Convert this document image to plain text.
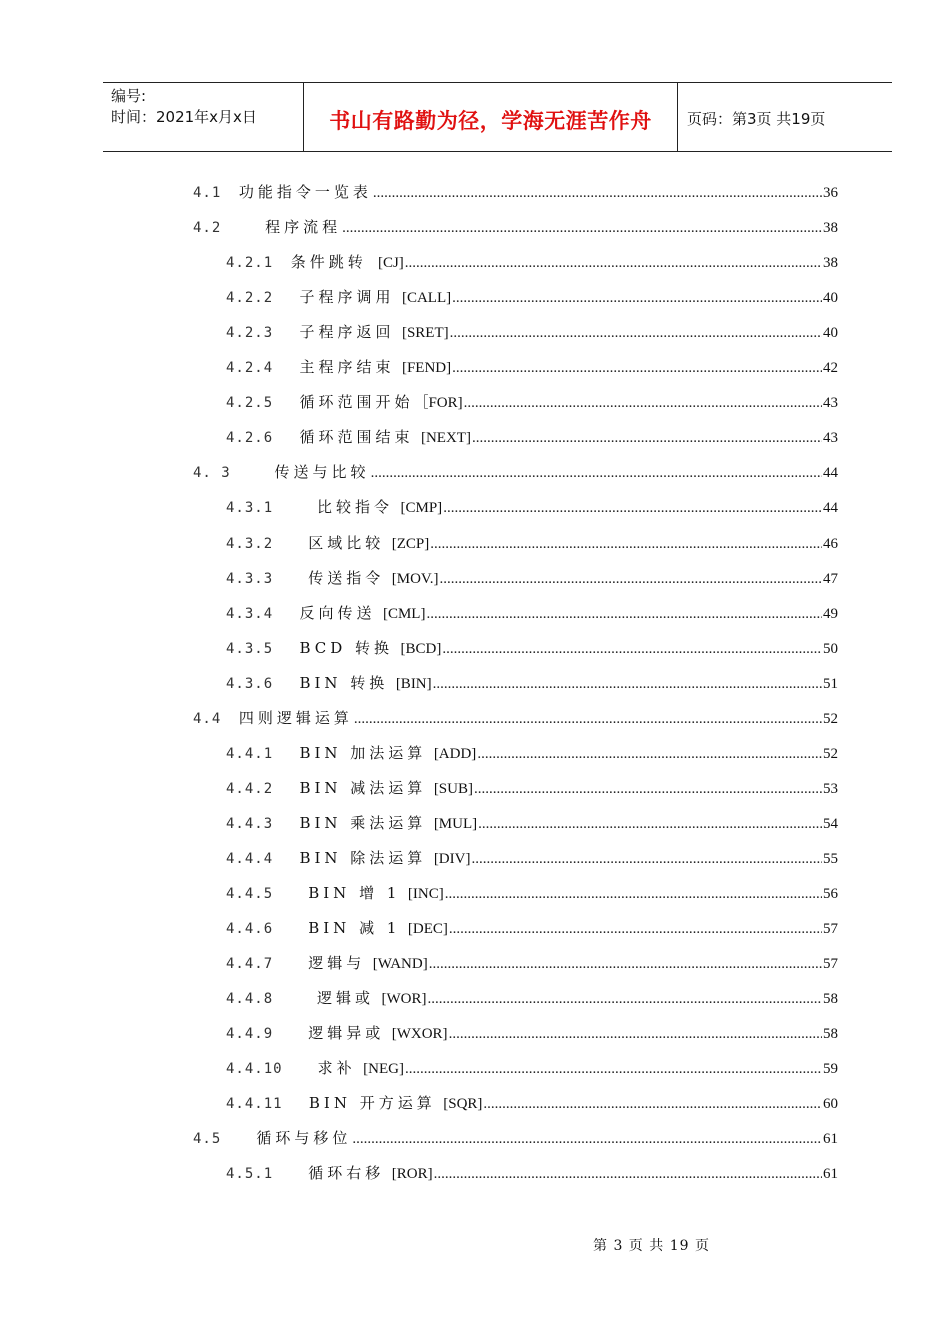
编号:
时间：2021年x月x日	书山有路勤为径，学海无涯苦作舟	页码：第3页 共19页
4.1 功能指令一览表 .....	36
4.2 程序流程 .....	38
4.2.1 条件跳转 [CJ] .....	38
4.2.2 子程序调用 [CALL] .....	40
4.2.3 子程序返回 [SRET] .....	40
4.2.4 主程序结束 [FEND] .....	42
4.2.5 循环范围开始 ［FOR] .....	43
4.2.6 循环范围结束 [NEXT] .....	43
4. 3 传送与比较 .....	44
4.3.1 比较指令 [CMP] .....	44
4.3.2 区域比较 [ZCP] .....	46
4.3.3 传送指令 [MOV.] .....	47
4.3.4 反向传送 [CML] .....	49
4.3.5 BCD 转换 [BCD] .....	50
4.3.6 BIN 转换 [BIN] .....	51
4.4 四则逻辑运算 .....	52
4.4.1 BIN 加法运算 [ADD] .....	52
4.4.2 BIN 减法运算 [SUB] .....	53
4.4.3 BIN 乘法运算 [MUL] .....	54
4.4.4 BIN 除法运算 [DIV] .....	55
4.4.5 BIN 增 1 [INC] .....	56
4.4.6 BIN 减 1 [DEC] .....	57
4.4.7 逻辑与 [WAND] .....	57
4.4.8 逻辑或 [WOR] .....	58
4.4.9 逻辑异或 [WXOR] .....	58
4.4.10 求补 [NEG] .....	59
4.4.11 BIN 开方运算 [SQR] .....	60
4.5 循环与移位 .....	61
4.5.1 循环右移 [ROR] .....	61
第 3 页 共 19 页
